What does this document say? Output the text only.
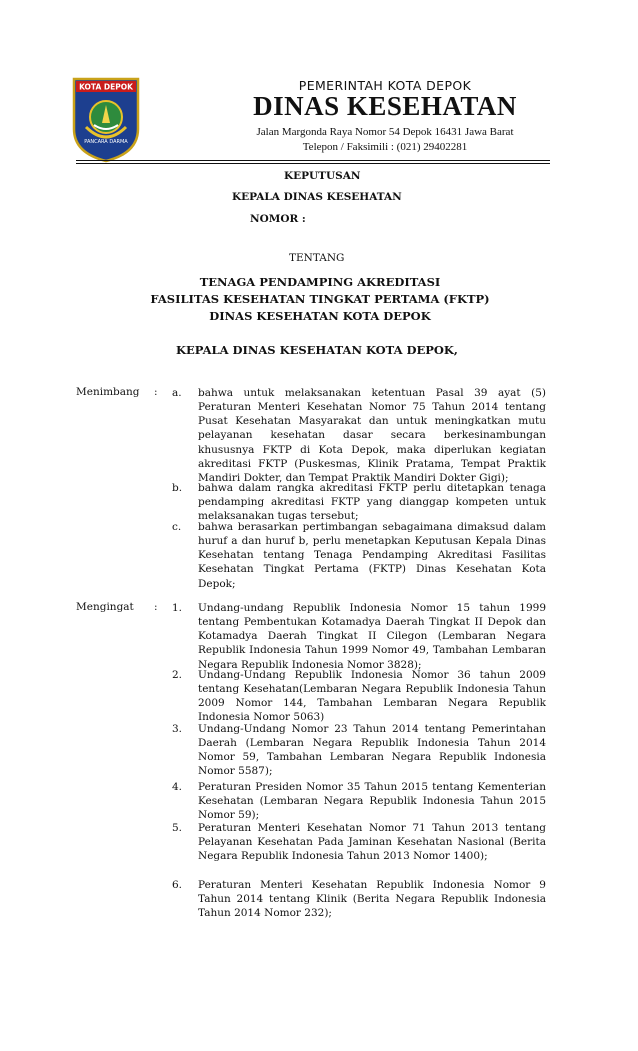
KOTA DEPOK
PANCARA DARMA
PEMERINTAH KOTA DEPOK
DINAS KESEHATAN
Jalan Margonda Raya Nomor 54 Depok 16431 Jawa Barat
Telepon / Faksimili : (021) 29402281
KEPUTUSAN
KEPALA DINAS KESEHATAN
NOMOR :
TENTANG
TENAGA PENDAMPING AKREDITASI
FASILITAS KESEHATAN TINGKAT PERTAMA (FKTP)
DINAS KESEHATAN KOTA DEPOK
KEPALA DINAS KESEHATAN KOTA DEPOK,
Menimbang : a.	bahwa untuk melaksanakan ketentuan Pasal 39 ayat (5) Peraturan Menteri Kesehatan Nomor 75 Tahun 2014 tentang Pusat Kesehatan Masyarakat dan untuk meningkatkan mutu pelayanan kesehatan dasar secara berkesinambungan khususnya FKTP di Kota Depok, maka diperlukan kegiatan akreditasi FKTP (Puskesmas, Klinik Pratama, Tempat Praktik Mandiri Dokter, dan Tempat Praktik Mandiri Dokter Gigi);
b.	bahwa dalam rangka akreditasi FKTP perlu ditetapkan tenaga pendamping akreditasi FKTP yang dianggap kompeten untuk melaksanakan tugas tersebut;
c.	bahwa berasarkan pertimbangan sebagaimana dimaksud dalam huruf a dan huruf b, perlu menetapkan Keputusan Kepala Dinas Kesehatan tentang Tenaga Pendamping Akreditasi Fasilitas Kesehatan Tingkat Pertama (FKTP) Dinas Kesehatan Kota Depok;
Mengingat : 1.	Undang-undang Republik Indonesia Nomor 15 tahun 1999 tentang Pembentukan Kotamadya Daerah Tingkat II Depok dan Kotamadya Daerah Tingkat II Cilegon (Lembaran Negara Republik Indonesia Tahun 1999 Nomor 49, Tambahan Lembaran Negara Republik Indonesia Nomor 3828);
2.	Undang-Undang Republik Indonesia Nomor 36 tahun 2009 tentang Kesehatan(Lembaran Negara Republik Indonesia Tahun 2009 Nomor 144, Tambahan Lembaran Negara Republik Indonesia Nomor 5063)
3.	Undang-Undang Nomor 23 Tahun 2014 tentang Pemerintahan Daerah (Lembaran Negara Republik Indonesia Tahun 2014 Nomor 59, Tambahan Lembaran Negara Republik Indonesia Nomor 5587);
4.	Peraturan Presiden Nomor 35 Tahun 2015 tentang Kementerian Kesehatan (Lembaran Negara Republik Indonesia Tahun 2015 Nomor 59);
5.	Peraturan Menteri Kesehatan Nomor 71 Tahun 2013 tentang Pelayanan Kesehatan Pada Jaminan Kesehatan Nasional (Berita Negara Republik Indonesia Tahun 2013 Nomor 1400);
6.	Peraturan Menteri Kesehatan Republik Indonesia Nomor 9 Tahun 2014 tentang Klinik (Berita Negara Republik Indonesia Tahun 2014 Nomor 232);
